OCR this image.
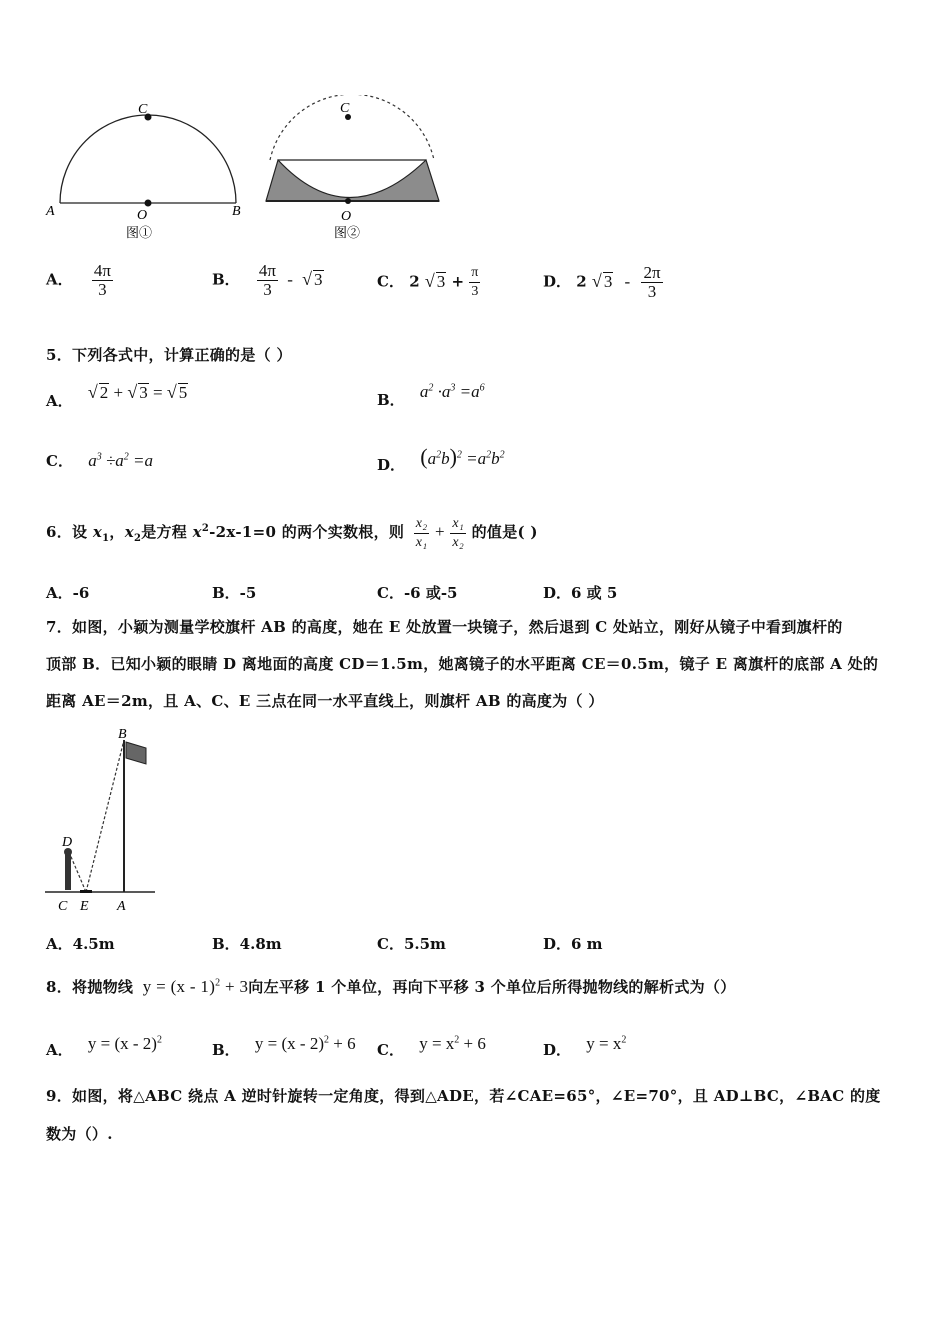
C
A	O	B
图①
C
O
图②
A． $\frac{4\pi}{3}$	B． $\frac{4\pi}{3}$ - √ 3	C． 2 √ $3 + \frac{\pi}{3}$	D． 2 √ $3 - \frac{2\pi}{3}$
5．下列各式中，计算正确的是（ ）
A． √ 2 + √ 3 = √ 5	B． $a^2 \cdot a^3 =a^6$
C． $a^3 \div a^2 =a$	D． $(a^2b)^2 =a^2b^2$
6．设 $x_1$，$x_2$是方程 $x^2-2x-1=0$ 的两个实数根，则 $\frac{\text{x₂}}{\text{x₁}} + \frac{\text{x₁}}{\text{x₂}}$ 的值是( )
A．-6	B．-5	C．-6 或-5	D．6 或 5
7．如图，小颖为测量学校旗杆 AB 的高度，她在 E 处放置一块镜子，然后退到 C 处站立，刚好从镜子中看到旗杆的
顶部 B．已知小颖的眼睛 D 离地面的高度 CD＝1.5m，她离镜子的水平距离 CE＝0.5m，镜子 E 离旗杆的底部 A 处的
距离 AE＝2m，且 A、C、E 三点在同一水平直线上，则旗杆 AB 的高度为（ ）
B
D
C E A
A．4.5m	B．4.8m	C．5.5m	D．6 m
8．将抛物线 y = (x - 1)$^2$ + 3向左平移 1 个单位，再向下平移 3 个单位后所得抛物线的解析式为（）
A． y = (x - 2)$^2$
B． y = (x - 2)$^2$ + 6 C． $y = x^2 + 6$	D． $y = x^2$
9．如图，将△ABC 绕点 A 逆时针旋转一定角度，得到△ADE，若∠CAE=65°，∠E=70°，且 AD⊥BC，∠BAC 的度
数为（）.
